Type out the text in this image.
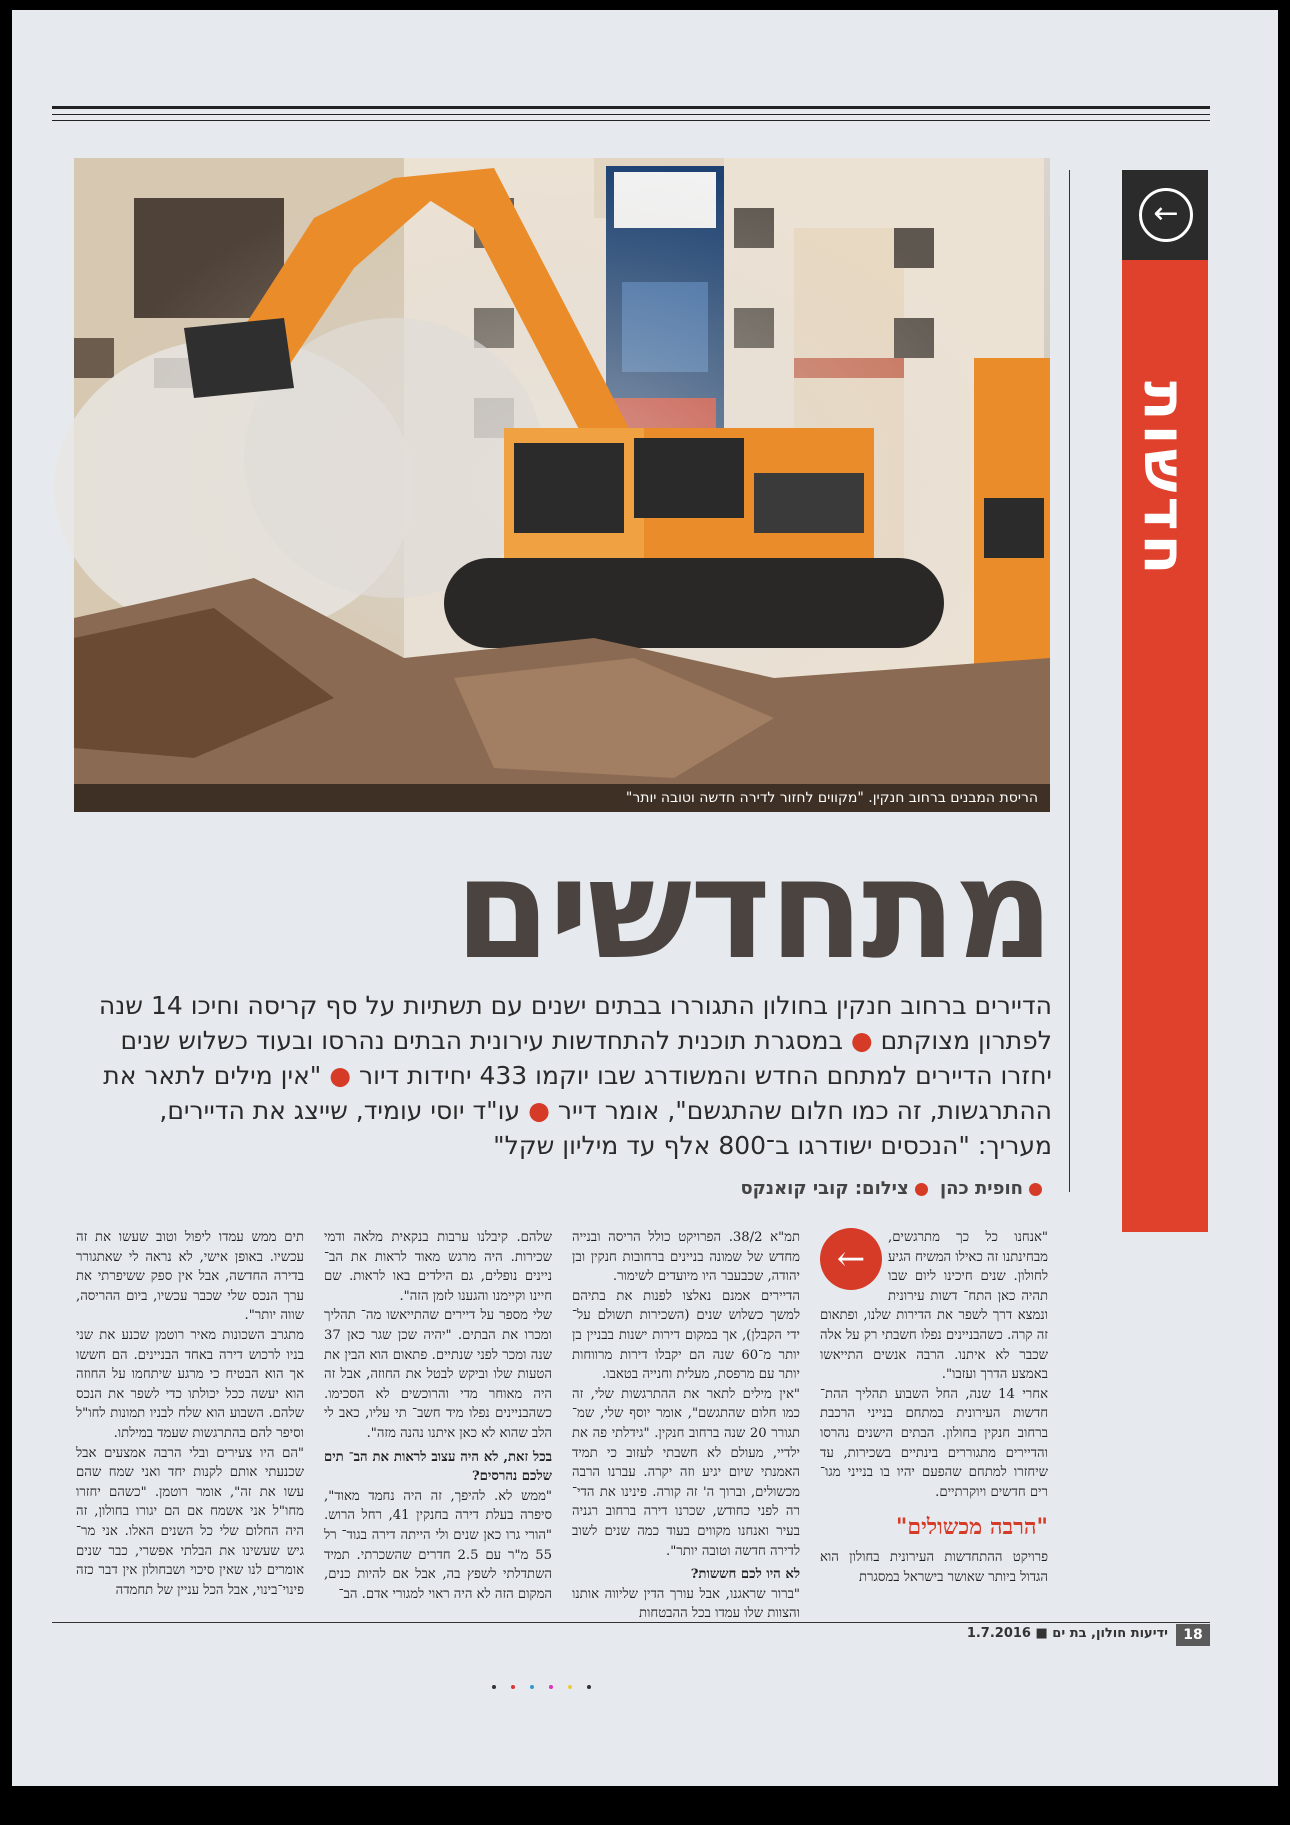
הריסת המבנים ברחוב חנקין. "מקווים לחזור לדירה חדשה וטובה יותר"
←
חדשות
מתחדשים

הדיירים ברחוב חנקין בחולון התגוררו בבתים ישנים עם תשתיות על סף קריסה וחיכו 14 שנה לפתרון מצוקתם ● במסגרת תוכנית להתחדשות עירונית הבתים נהרסו ובעוד כשלוש שנים יחזרו הדיירים למתחם החדש והמשודרג שבו יוקמו 433 יחידות דיור ● "אין מילים לתאר את ההתרגשות, זה כמו חלום שהתגשם", אומר דייר ● עו"ד יוסי עומיד, שייצג את הדיירים, מעריך: "הנכסים ישודרגו ב־800 אלף עד מיליון שקל"

חופית כהן צילום: קובי קואנקס
←

"אנחנו כל כך מתרגשים, מבחינתנו זה כאילו המשיח הגיע לחולון. שנים חיכינו ליום שבו תהיה כאן התח־ דשות עירונית ונמצא דרך לשפר את הדירות שלנו, ופתאום זה קרה. כשהבניינים נפלו חשבתי רק על אלה שכבר לא איתנו. הרבה אנשים התייאשו באמצע הדרך ועזבו".

אחרי 14 שנה, החל השבוע תהליך ההת־ חדשות העירונית במתחם בנייני הרכבת ברחוב חנקין בחולון. הבתים הישנים נהרסו והדיירים מתגוררים בינתיים בשכירות, עד שיחזרו למתחם שהפעם יהיו בו בנייני מגו־ רים חדשים ויוקרתיים.

"הרבה מכשולים"

פרויקט ההתחדשות העירונית בחולון הוא הגדול ביותר שאושר בישראל במסגרת

תמ"א 38/2. הפרויקט כולל הריסה ובנייה מחדש של שמונה בניינים ברחובות חנקין ובן יהודה, שכבעבר היו מיועדים לשימור.

הדיירים אמנם נאלצו לפנות את בתיהם למשך כשלוש שנים (השכירות תשולם על־ ידי הקבלן), אך במקום דירות ישנות בבניין בן יותר מ־60 שנה הם יקבלו דירות מרווחות יותר עם מרפסת, מעלית וחנייה בטאבו.

"אין מילים לתאר את ההתרגשות שלי, זה כמו חלום שהתגשם", אומר יוסף שלי, שמ־ תגורר 20 שנה ברחוב חנקין. "גידלתי פה את ילדיי, מעולם לא חשבתי לעזוב כי תמיד האמנתי שיום יגיע וזה יקרה. עברנו הרבה מכשולים, וברוך ה' זה קורה. פינינו את הדי־ רה לפני כחודש, שכרנו דירה ברחוב רגניה בעיר ואנחנו מקווים בעוד כמה שנים לשוב לדירה חדשה וטובה יותר".

לא היו לכם חששות?

"ברור שראגנו, אבל עורך הדין שליווה אותנו והצוות שלו עמדו בכל ההבטחות

שלהם. קיבלנו ערבות בנקאית מלאה ודמי שכירות. היה מרגש מאוד לראות את הב־ ניינים נופלים, גם הילדים באו לראות. שם חיינו וקיימנו והגענו לזמן הזה".

שלי מספר על דיירים שהתייאשו מה־ תהליך ומכרו את הבתים. "יהיה שכן שגר כאן 37 שנה ומכר לפני שנתיים. פתאום הוא הבין את הטעות שלו וביקש לבטל את החוזה, אבל זה היה מאוחר מדי והרוכשים לא הסכימו. כשהבניינים נפלו מיד חשב־ תי עליו, כאב לי הלב שהוא לא כאן איתנו נהנה מזה".

בכל זאת, לא היה עצוב לראות את הב־ תים שלכם נהרסים?

"ממש לא. להיפך, זה היה נחמד מאוד", סיפרה בעלת דירה בחנקין 41, רחל הרוש. "הורי גרו כאן שנים ולי הייתה דירה בגוד־ רל 55 מ"ר עם 2.5 חדרים שהשכרתי. תמיד השתדלתי לשפץ בה, אבל אם להיות כנים, המקום הזה לא היה ראוי למגורי אדם. הב־

תים ממש עמדו ליפול וטוב שעשו את זה עכשיו. באופן אישי, לא נראה לי שאתגורר בדירה החדשה, אבל אין ספק ששיפרתי את ערך הנכס שלי שכבר עכשיו, ביום ההריסה, שווה יותר".

מתגרב השכונות מאיר רוטמן שכנע את שני בניו לרכוש דירה באחד הבניינים. הם חששו אך הוא הבטיח כי מרגע שיתחמו על החוזה הוא יעשה ככל יכולתו כדי לשפר את הנכס שלהם. השבוע הוא שלח לבניו תמונות לחו"ל וסיפר להם בהתרגשות שעמד במילתו.

"הם היו צעירים ובלי הרבה אמצעים אבל שכנעתי אותם לקנות יחד ואני שמח שהם עשו את זה", אומר רוטמן. "כשהם יחזרו מחו"ל אני אשמח אם הם יגורו בחולון, זה היה החלום שלי כל השנים האלו. אני מר־ גיש שעשינו את הבלתי אפשרי, כבר שנים אומרים לנו שאין סיכוי ושבחולון אין דבר כזה פינוי־בינוי, אבל הכל עניין של תחמדה

18
ידיעות חולון, בת ים ■ 1.7.2016
